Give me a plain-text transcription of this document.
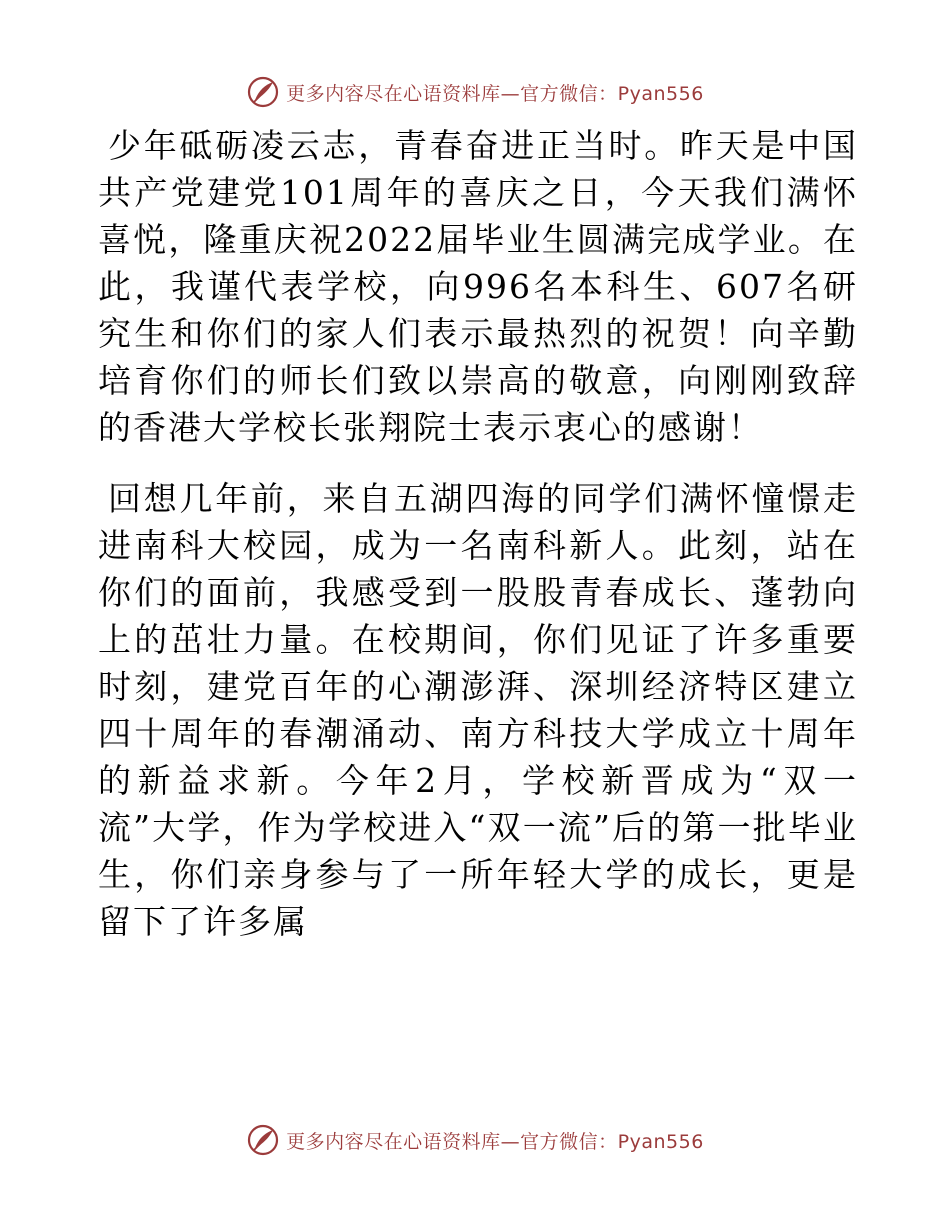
更多内容尽在心语资料库—官方微信：Pyan556

少年砥砺凌云志，青春奋进正当时。昨天是中国共产党建党101周年的喜庆之日，今天我们满怀喜悦，隆重庆祝2022届毕业生圆满完成学业。在此，我谨代表学校，向996名本科生、607名研究生和你们的家人们表示最热烈的祝贺！向辛勤培育你们的师长们致以崇高的敬意，向刚刚致辞的香港大学校长张翔院士表示衷心的感谢！

回想几年前，来自五湖四海的同学们满怀憧憬走进南科大校园，成为一名南科新人。此刻，站在你们的面前，我感受到一股股青春成长、蓬勃向上的茁壮力量。在校期间，你们见证了许多重要时刻，建党百年的心潮澎湃、深圳经济特区建立四十周年的春潮涌动、南方科技大学成立十周年的新益求新。今年2月，学校新晋成为“双一流”大学，作为学校进入“双一流”后的第一批毕业生，你们亲身参与了一所年轻大学的成长，更是留下了许多属

更多内容尽在心语资料库—官方微信：Pyan556
